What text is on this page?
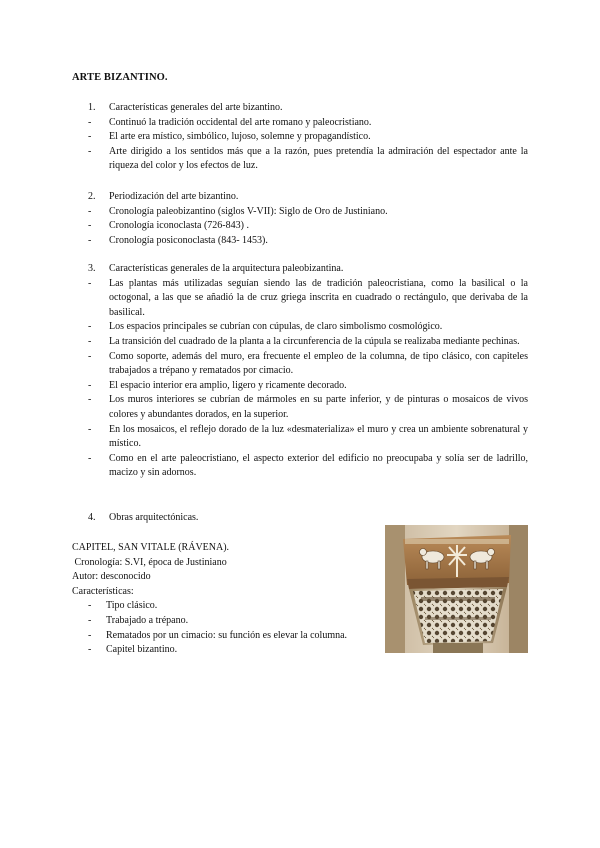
ARTE BIZANTINO.
1.	Características generales del arte bizantino.
-	Continuó la tradición occidental del arte romano y paleocristiano.
-	El arte era místico, simbólico, lujoso, solemne y propagandístico.
-	Arte dirigido a los sentidos más que a la razón, pues pretendía la admiración del espectador ante la riqueza del color y los efectos de luz.
2.	Periodización del arte bizantino.
-	Cronología paleobizantino (siglos V-VII): Siglo de Oro de Justiniano.
-	Cronología iconoclasta (726-843) .
-	Cronología posiconoclasta (843- 1453).
3.	Características generales de la arquitectura paleobizantina.
-	Las plantas más utilizadas seguían siendo las de tradición paleocristiana, como la basilical o la octogonal, a las que se añadió la de cruz griega inscrita en cuadrado o rectángulo, que derivaba de la basilical.
-	Los espacios principales se cubrían con cúpulas, de claro simbolismo cosmológico.
-	La transición del cuadrado de la planta a la circunferencia de la cúpula se realizaba mediante pechinas.
-	Como soporte, además del muro, era frecuente el empleo de la columna, de tipo clásico, con capiteles trabajados a trépano y rematados por cimacio.
-	El espacio interior era amplio, ligero y ricamente decorado.
-	Los muros interiores se cubrían de mármoles en su parte inferior, y de pinturas o mosaicos de vivos colores y abundantes dorados, en la superior.
-	En los mosaicos, el reflejo dorado de la luz «desmaterializa» el muro y crea un ambiente sobrenatural y místico.
-	Como en el arte paleocristiano, el aspecto exterior del edificio no preocupaba y solía ser de ladrillo, macizo y sin adornos.
4.	Obras arquitectónicas.
CAPITEL, SAN VITALE (RÁVENA).
Cronología: S.VI, época de Justiniano
Autor: desconocido
Características:
-	Tipo clásico.
-	Trabajado a trépano.
-	Rematados por un cimacio: su función es elevar la columna.
-	Capitel bizantino.
